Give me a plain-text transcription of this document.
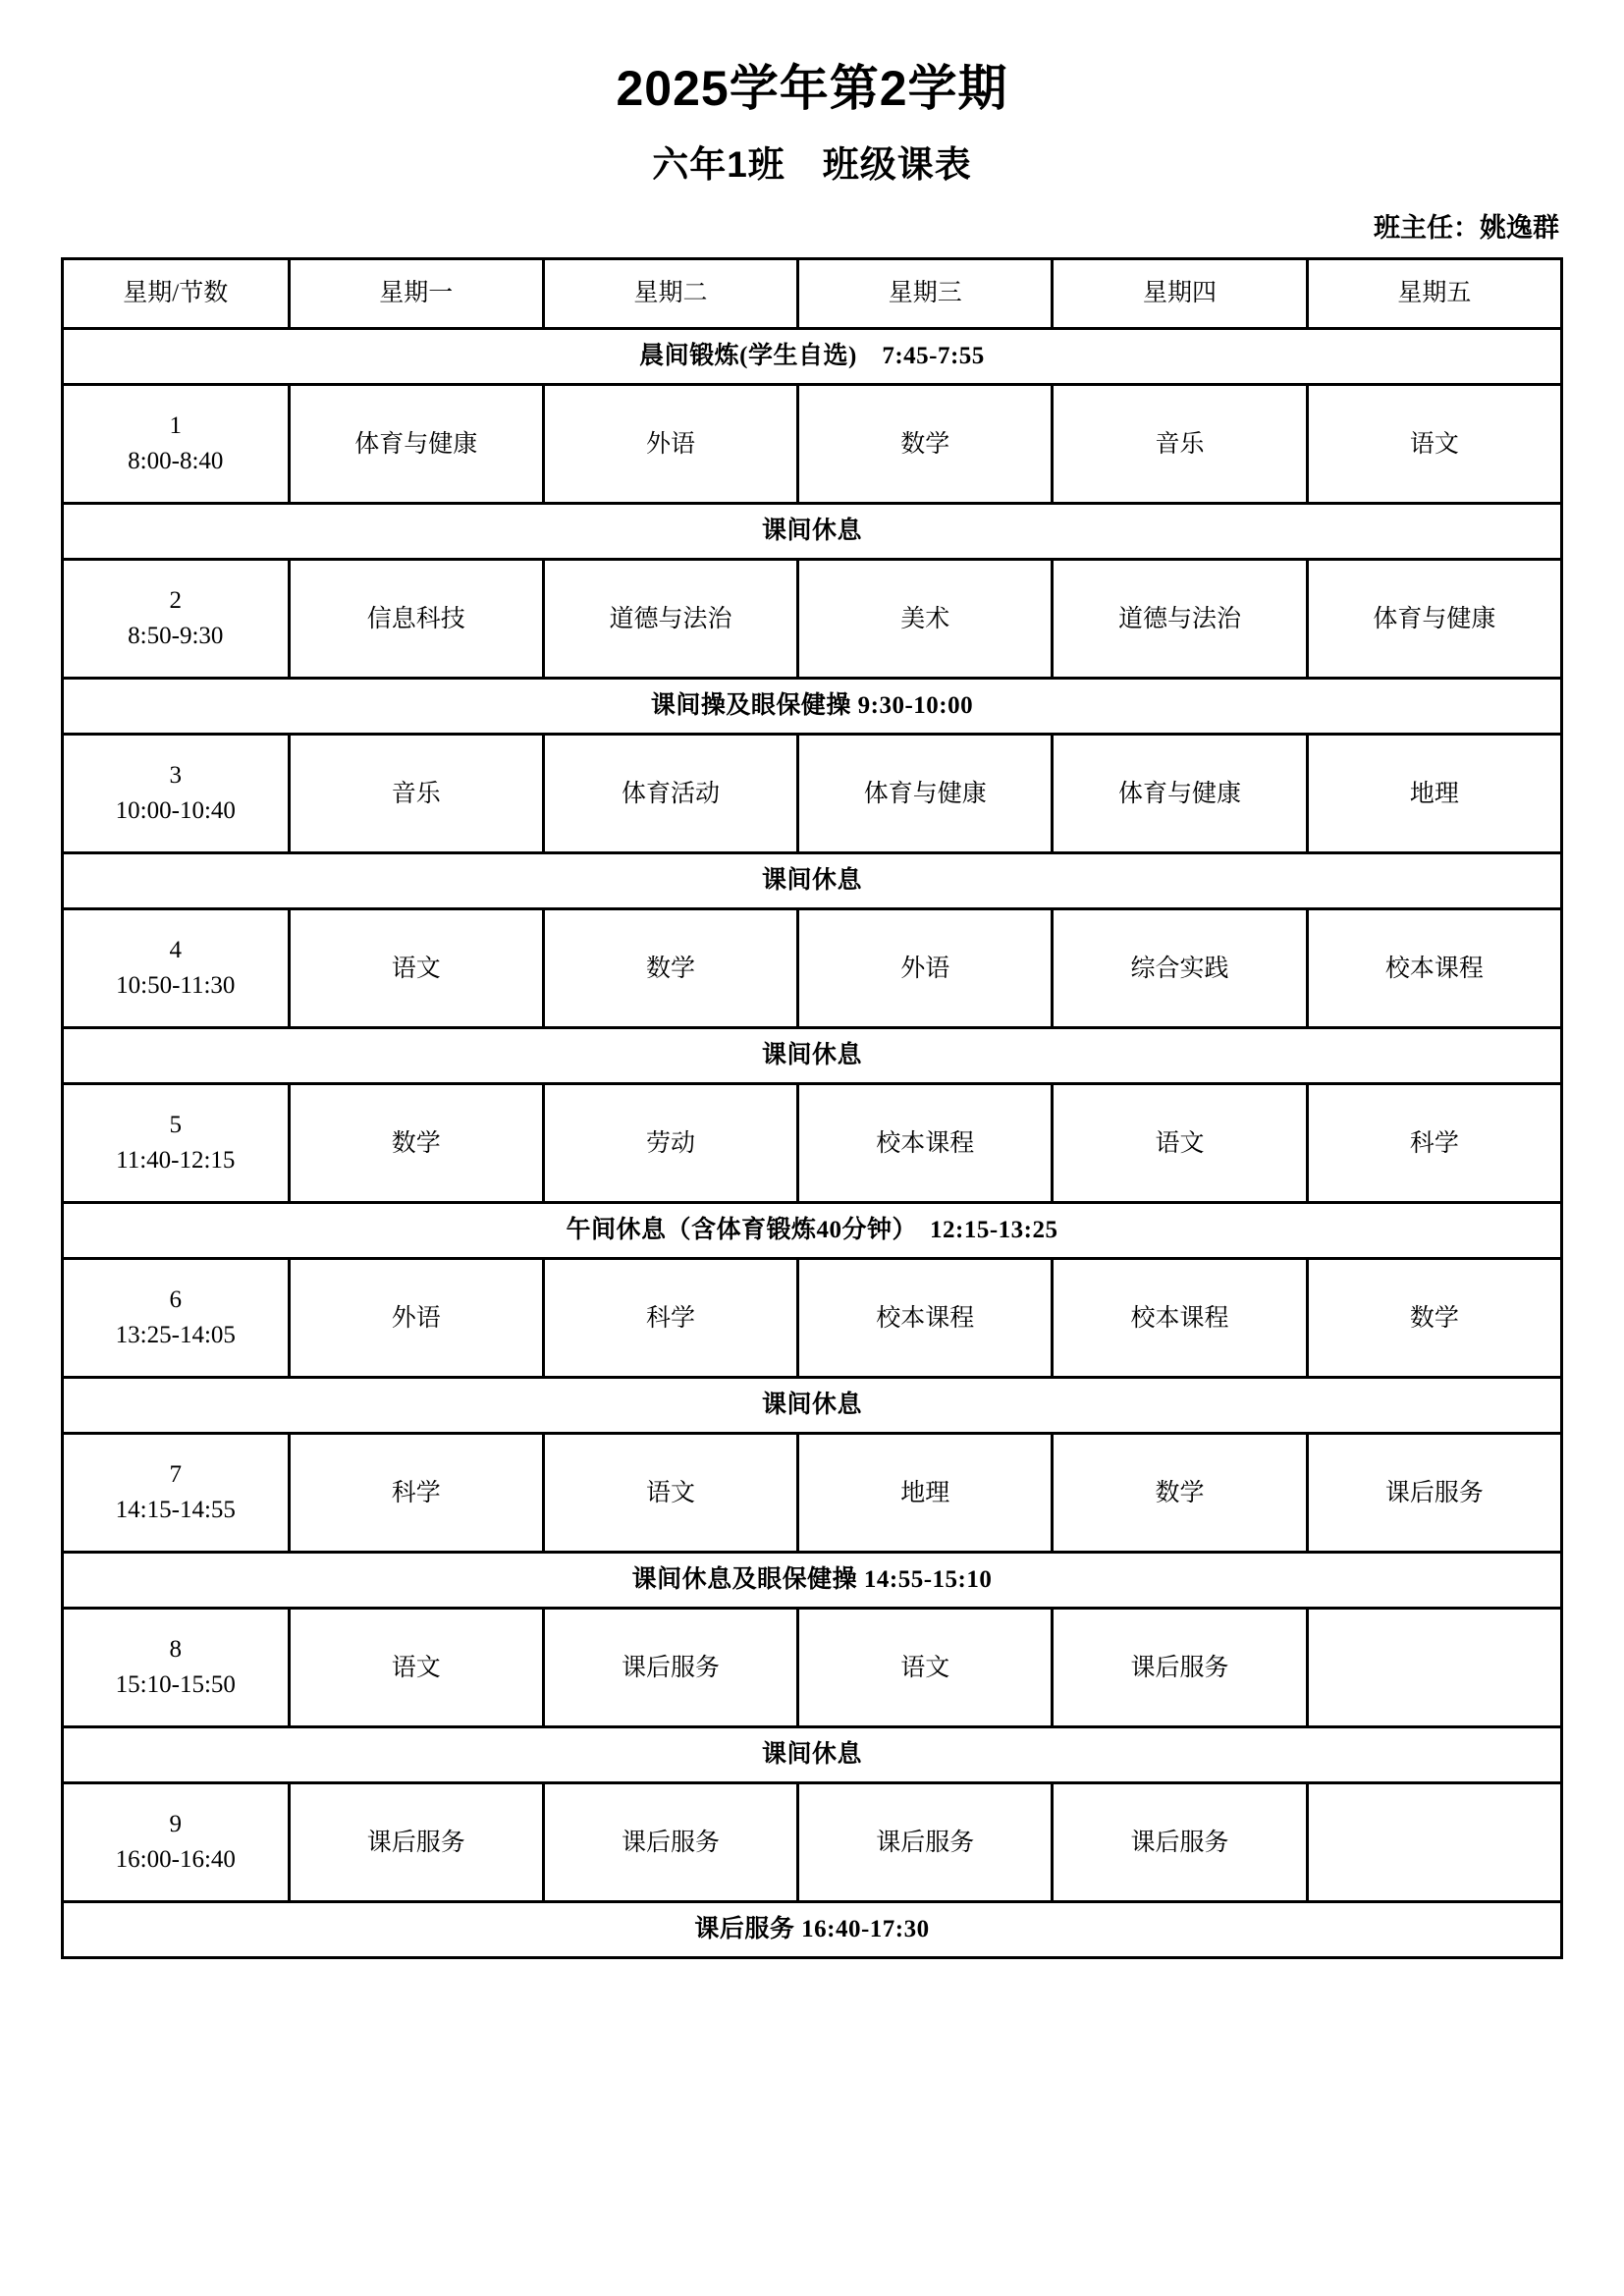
2025学年第2学期
六年1班　班级课表
班主任：姚逸群
星期/节数	星期一	星期二	星期三	星期四	星期五
晨间锻炼(学生自选)　7:45-7:55					

1
8:00-8:40	体育与健康	外语	数学	音乐	语文
课间休息					

2
8:50-9:30	信息科技	道德与法治	美术	道德与法治	体育与健康
课间操及眼保健操 9:30-10:00					

3
10:00-10:40	音乐	体育活动	体育与健康	体育与健康	地理
课间休息					

4
10:50-11:30	语文	数学	外语	综合实践	校本课程
课间休息					

5
11:40-12:15	数学	劳动	校本课程	语文	科学
午间休息（含体育锻炼40分钟）　12:15-13:25					

6
13:25-14:05	外语	科学	校本课程	校本课程	数学
课间休息					

7
14:15-14:55	科学	语文	地理	数学	课后服务
课间休息及眼保健操 14:55-15:10					

8
15:10-15:50	语文	课后服务	语文	课后服务	
课间休息					

9
16:00-16:40	课后服务	课后服务	课后服务	课后服务	
课后服务 16:40-17:30					
